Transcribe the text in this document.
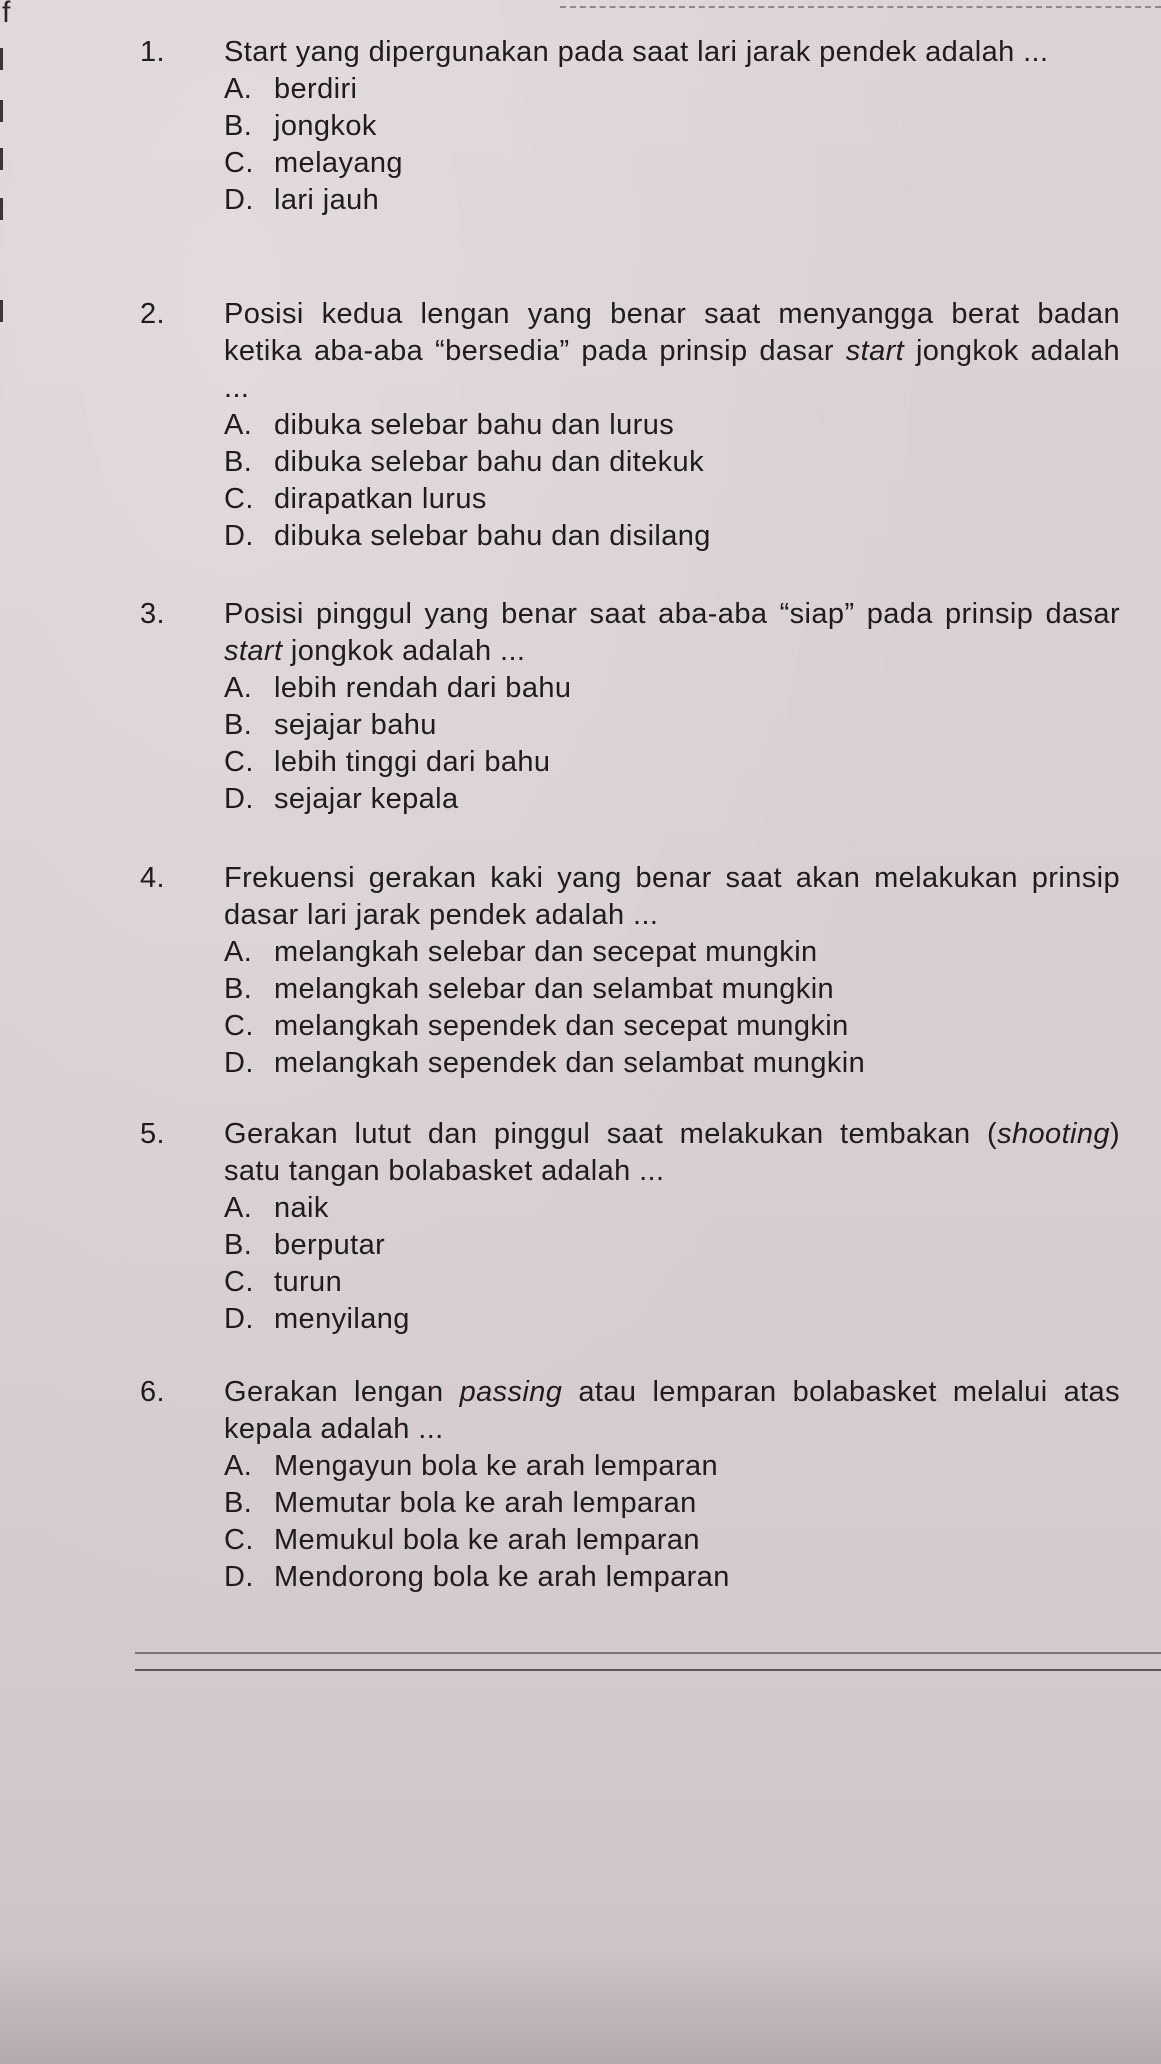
f
1.	Start yang dipergunakan pada saat lari jarak pendek adalah ...
A. berdiri
B. jongkok
C. melayang
D. lari jauh
2.	Posisi kedua lengan yang benar saat menyangga berat badan ketika aba-aba “bersedia” pada prinsip dasar start jongkok adalah ...
A. dibuka selebar bahu dan lurus
B. dibuka selebar bahu dan ditekuk
C. dirapatkan lurus
D. dibuka selebar bahu dan disilang
3.	Posisi pinggul yang benar saat aba-aba “siap” pada prinsip dasar start jongkok adalah ...
A. lebih rendah dari bahu
B. sejajar bahu
C. lebih tinggi dari bahu
D. sejajar kepala
4.	Frekuensi gerakan kaki yang benar saat akan melakukan prinsip dasar lari jarak pendek adalah ...
A. melangkah selebar dan secepat mungkin
B. melangkah selebar dan selambat mungkin
C. melangkah sependek dan secepat mungkin
D. melangkah sependek dan selambat mungkin
5.	Gerakan lutut dan pinggul saat melakukan tembakan (shooting) satu tangan bolabasket adalah ...
A. naik
B. berputar
C. turun
D. menyilang
6.	Gerakan lengan passing atau lemparan bolabasket melalui atas kepala adalah ...
A. Mengayun bola ke arah lemparan
B. Memutar bola ke arah lemparan
C. Memukul bola ke arah lemparan
D. Mendorong bola ke arah lemparan
